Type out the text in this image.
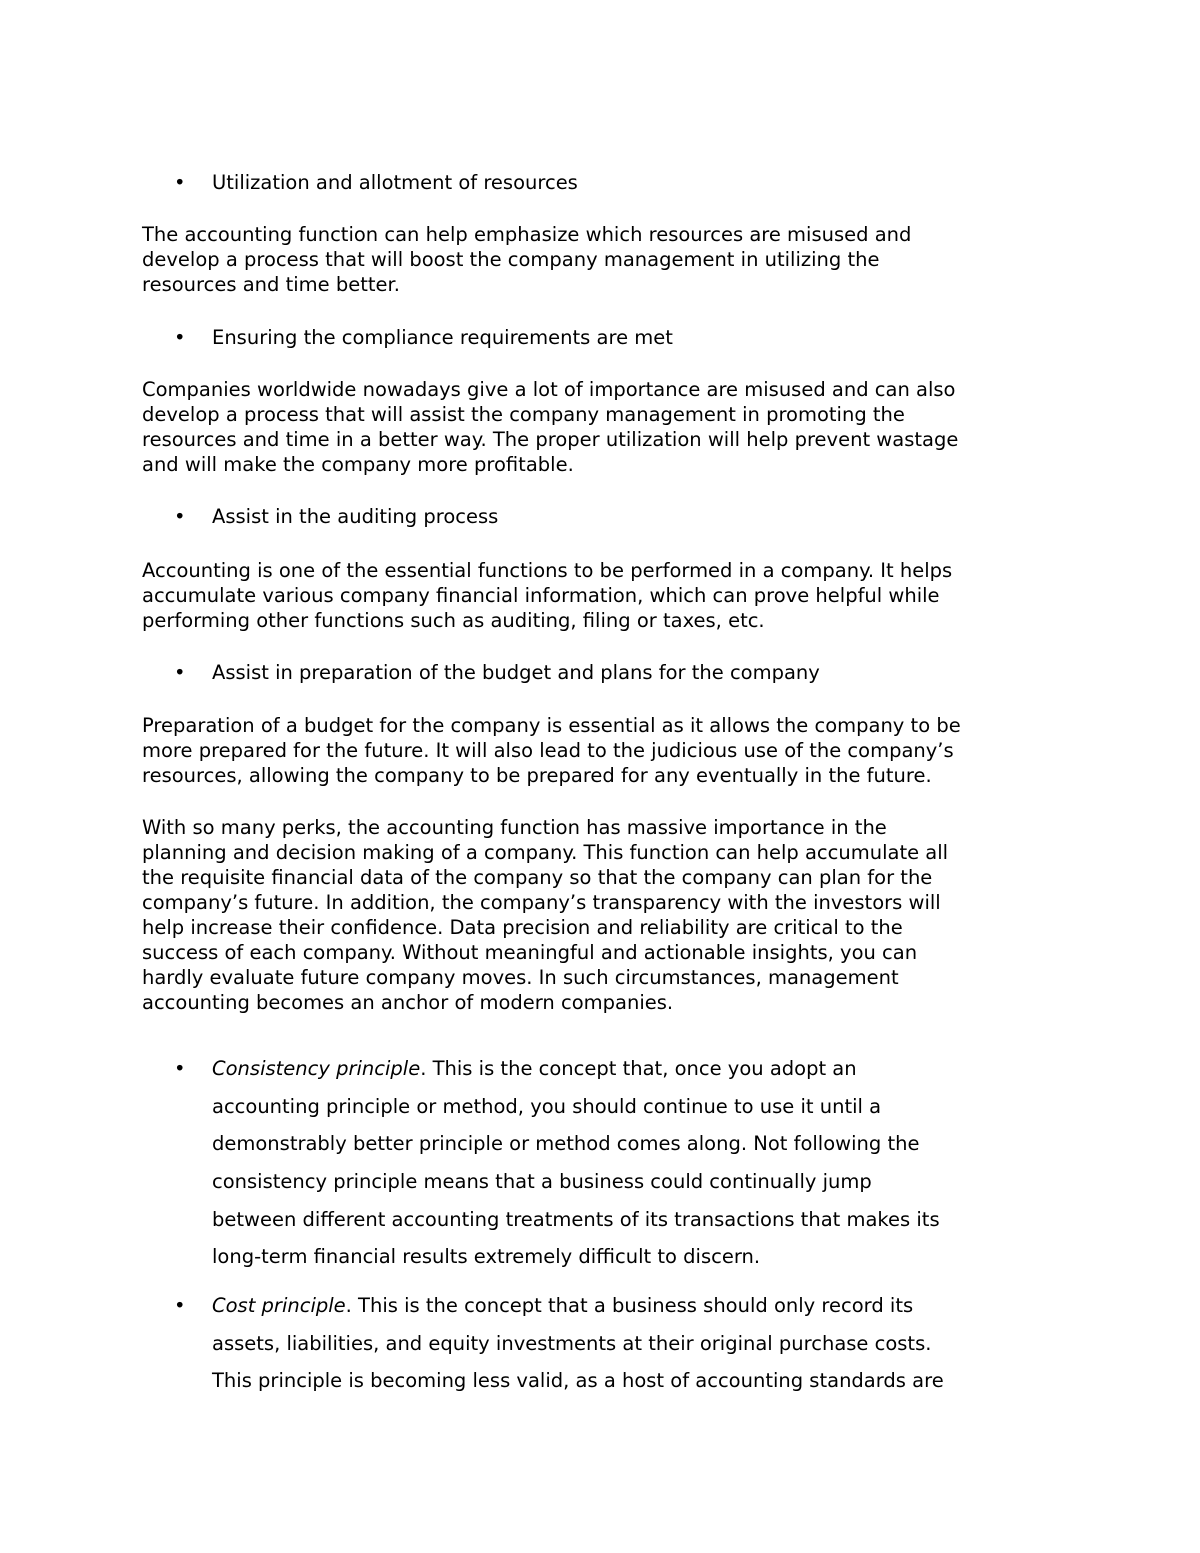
• Utilization and allotment of resources
The accounting function can help emphasize which resources are misused and
develop a process that will boost the company management in utilizing the
resources and time better.
• Ensuring the compliance requirements are met
Companies worldwide nowadays give a lot of importance are misused and can also
develop a process that will assist the company management in promoting the
resources and time in a better way. The proper utilization will help prevent wastage
and will make the company more profitable.
• Assist in the auditing process
Accounting is one of the essential functions to be performed in a company. It helps
accumulate various company financial information, which can prove helpful while
performing other functions such as auditing, filing or taxes, etc.
• Assist in preparation of the budget and plans for the company
Preparation of a budget for the company is essential as it allows the company to be
more prepared for the future. It will also lead to the judicious use of the company’s
resources, allowing the company to be prepared for any eventually in the future.
With so many perks, the accounting function has massive importance in the
planning and decision making of a company. This function can help accumulate all
the requisite financial data of the company so that the company can plan for the
company’s future. In addition, the company’s transparency with the investors will
help increase their confidence. Data precision and reliability are critical to the
success of each company. Without meaningful and actionable insights, you can
hardly evaluate future company moves. In such circumstances, management
accounting becomes an anchor of modern companies.
• Consistency principle. This is the concept that, once you adopt an
accounting principle or method, you should continue to use it until a
demonstrably better principle or method comes along. Not following the
consistency principle means that a business could continually jump
between different accounting treatments of its transactions that makes its
long-term financial results extremely difficult to discern.
• Cost principle. This is the concept that a business should only record its
assets, liabilities, and equity investments at their original purchase costs.
This principle is becoming less valid, as a host of accounting standards are
